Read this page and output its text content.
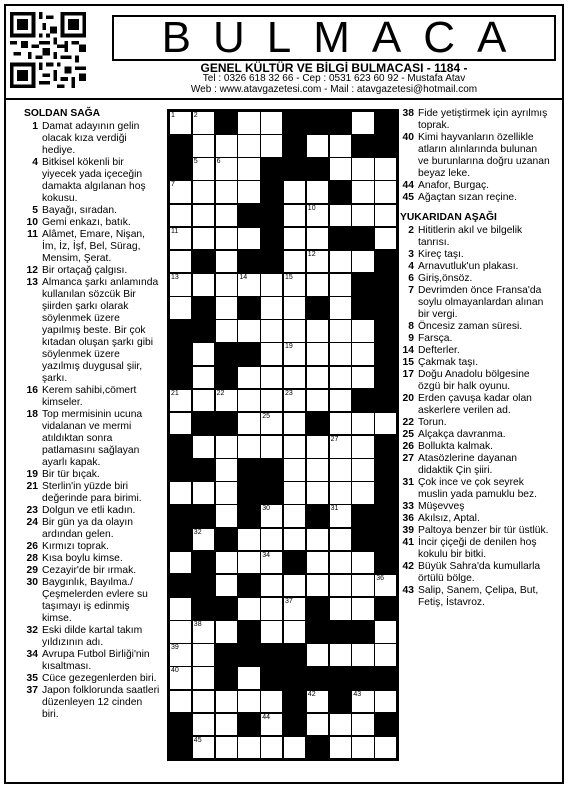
BULMACA
GENEL KÜLTÜR VE BİLGİ BULMACASI - 1184 -
Tel : 0326 618 32 66 - Cep : 0531 623 60 92 - Mustafa Atav
Web : www.atavgazetesi.com - Mail : atavgazetesi@hotmail.com
SOLDAN SAĞA
1 Damat adayının gelin olacak kıza verdiği hediye.
4 Bitkisel kökenli bir yiyecek yada içeceğin damakta algılanan hoş kokusu.
5 Bayağı, sıradan.
10 Gemi enkazı, batık.
11 Alâmet, Emare, Nişan, İm, İz, İşf, Bel, Sürag, Mensim, Şerat.
12 Bir ortaçağ çalgısı.
13 Almanca şarkı anlamında kullanılan sözcük Bir şiirden şarkı olarak söylenmek üzere yapılmış beste. Bir çok kıtadan oluşan şarkı gibi söylenmek üzere yazılmış duygusal şiir, şarkı.
16 Kerem sahibi,cömert kimseler.
18 Top mermisinin ucuna vidalanan ve mermi atıldıktan sonra patlamasını sağlayan ayarlı kapak.
19 Bir tür bıçak.
21 Sterlin'in yüzde biri değerinde para birimi.
23 Dolgun ve etli kadın.
24 Bir gün ya da olayın ardından gelen.
26 Kırmızı toprak.
28 Kısa boylu kimse.
29 Cezayir'de bir ırmak.
30 Baygınlık, Bayılma./ Çeşmelerden evlere su taşımayı iş edinmiş kimse.
32 Eski dilde kartal takım yıldızının adı.
34 Avrupa Futbol Birliği'nin kısaltması.
35 Cüce gezegenlerden biri.
37 Japon folklorunda saatleri düzenleyen 12 cinden biri.
1	2	3
4
5	6
7	8	9
10
11
12
13	14	15
16
17
18	19
20
21	22	23
24	25
26	27
28
29
30	31
32 33
34
35	36
37
38
39
40	41
42	43
44
45
38 Fide yetiştirmek için ayrılmış toprak.
40 Kimi hayvanların özellikle atların alınlarında bulunan ve burunlarına doğru uzanan beyaz leke.
44 Anafor, Burgaç.
45 Ağaçtan sızan reçine.
YUKARIDAN AŞAĞI
2 Hititlerin akıl ve bilgelik tanrısı.
3 Kireç taşı.
4 Arnavutluk'un plakası.
6 Giriş,önsöz.
7 Devrimden önce Fransa'da soylu olmayanlardan alınan bir vergi.
8 Öncesiz zaman süresi.
9 Farsça.
14 Defterler.
15 Çakmak taşı.
17 Doğu Anadolu bölgesine özgü bir halk oyunu.
20 Erden çavuşa kadar olan askerlere verilen ad.
22 Torun.
25 Alçakça davranma.
26 Bollukta kalmak.
27 Atasözlerine dayanan didaktik Çin şiiri.
31 Çok ince ve çok seyrek muslin yada pamuklu bez.
33 Müşevveş
36 Akılsız, Aptal.
39 Paltoya benzer bir tür üstlük.
41 İncir çiçeği de denilen hoş kokulu bir bitki.
42 Büyük Sahra'da kumullarla örtülü bölge.
43 Salip, Sanem, Çelipa, But, Fetiş, İstavroz.
